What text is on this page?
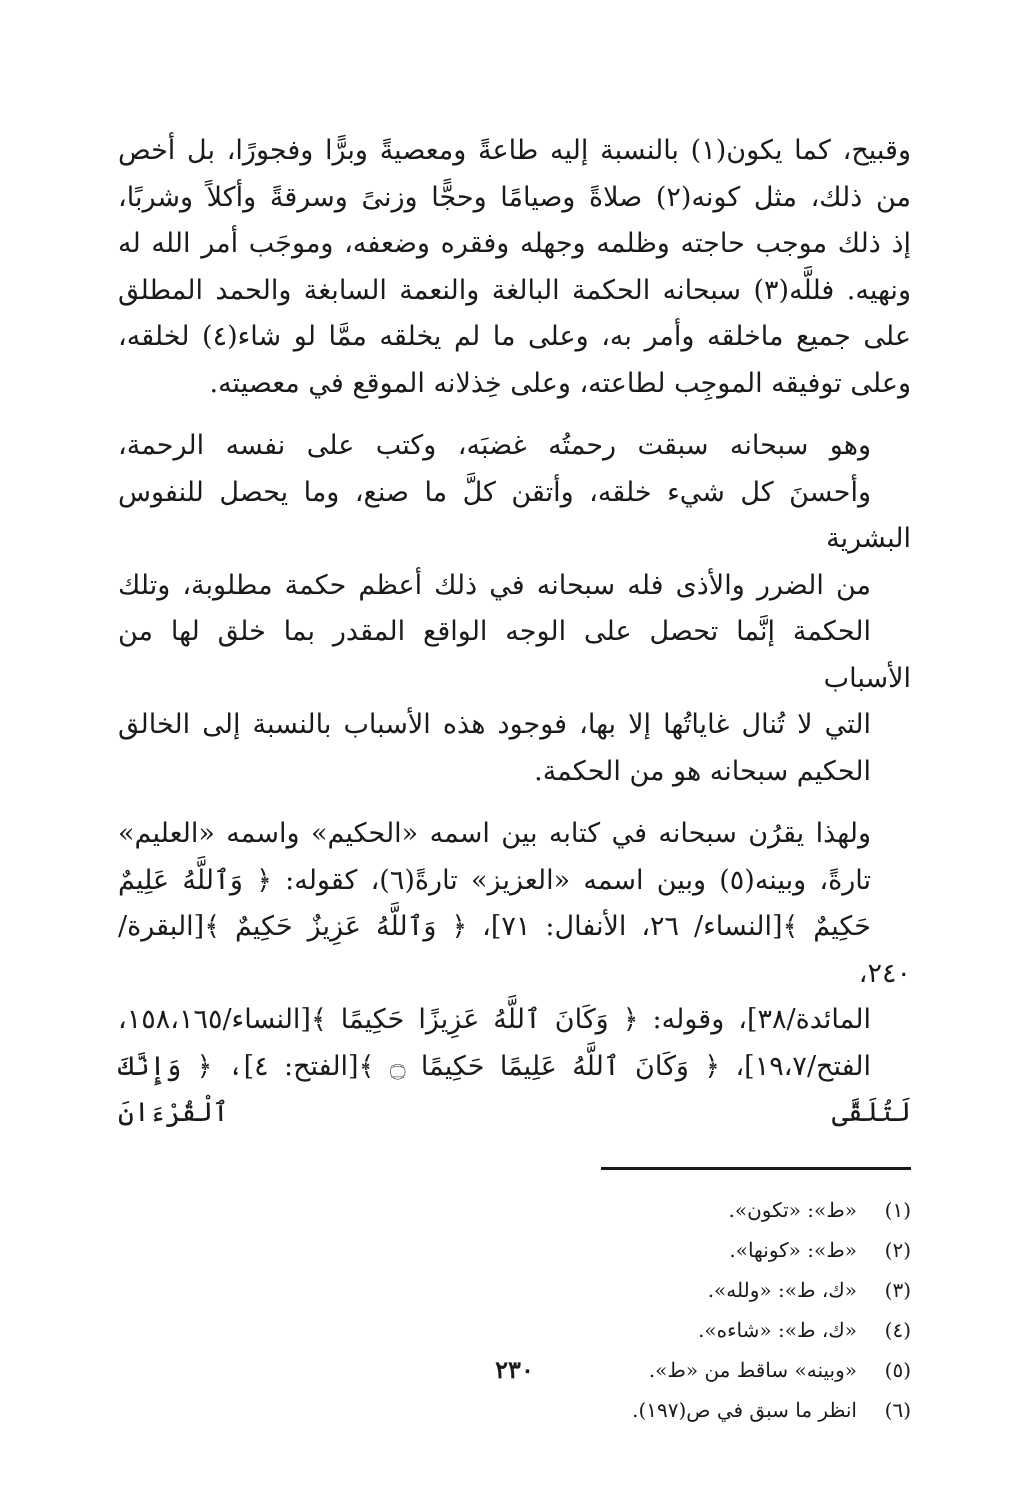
وقبيح، كما يكون(١) بالنسبة إليه طاعةً ومعصيةً وبرًّا وفجورًا، بل أخص
من ذلك، مثل كونه(٢) صلاةً وصيامًا وحجًّا وزنىً وسرقةً وأكلاً وشربًا،
إذ ذلك موجب حاجته وظلمه وجهله وفقره وضعفه، وموجَب أمر الله له
ونهيه. فللَّه(٣) سبحانه الحكمة البالغة والنعمة السابغة والحمد المطلق
على جميع ماخلقه وأمر به، وعلى ما لم يخلقه ممَّا لو شاء(٤) لخلقه،
وعلى توفيقه الموجِب لطاعته، وعلى خِذلانه الموقع في معصيته.
وهو سبحانه سبقت رحمتُه غضبَه، وكتب على نفسه الرحمة،
وأحسنَ كل شيء خلقه، وأتقن كلَّ ما صنع، وما يحصل للنفوس البشرية
من الضرر والأذى فله سبحانه في ذلك أعظم حكمة مطلوبة، وتلك
الحكمة إنَّما تحصل على الوجه الواقع المقدر بما خلق لها من الأسباب
التي لا تُنال غاياتُها إلا بها، فوجود هذه الأسباب بالنسبة إلى الخالق
الحكيم سبحانه هو من الحكمة.
ولهذا يقرُن سبحانه في كتابه بين اسمه «الحكيم» واسمه «العليم»
تارةً، وبينه(٥) وبين اسمه «العزيز» تارةً(٦)، كقوله: ﴿ وَٱللَّهُ عَلِيمٌ
حَكِيمٌ ﴾[النساء/ ٢٦، الأنفال: ٧١]، ﴿ وَٱللَّهُ عَزِيزٌ حَكِيمٌ ﴾[البقرة/ ٢٤٠،
المائدة/٣٨]، وقوله: ﴿ وَكَانَ ٱللَّهُ عَزِيزًا حَكِيمًا ﴾[النساء/١٥٨،١٦٥،
الفتح/١٩،٧]، ﴿ وَكَانَ ٱللَّهُ عَلِيمًا حَكِيمًا ۝ ﴾[الفتح: ٤]، ﴿ وَإِنَّكَ لَتُلَقَّى ٱلْقُرْءَانَ
(١)
«ط»: «تكون».
(٢)
«ط»: «كونها».
(٣)
«ك، ط»: «ولله».
(٤)
«ك، ط»: «شاءه».
(٥)
«وبينه» ساقط من «ط».
(٦)
انظر ما سبق في ص(١٩٧).
٢٣٠
